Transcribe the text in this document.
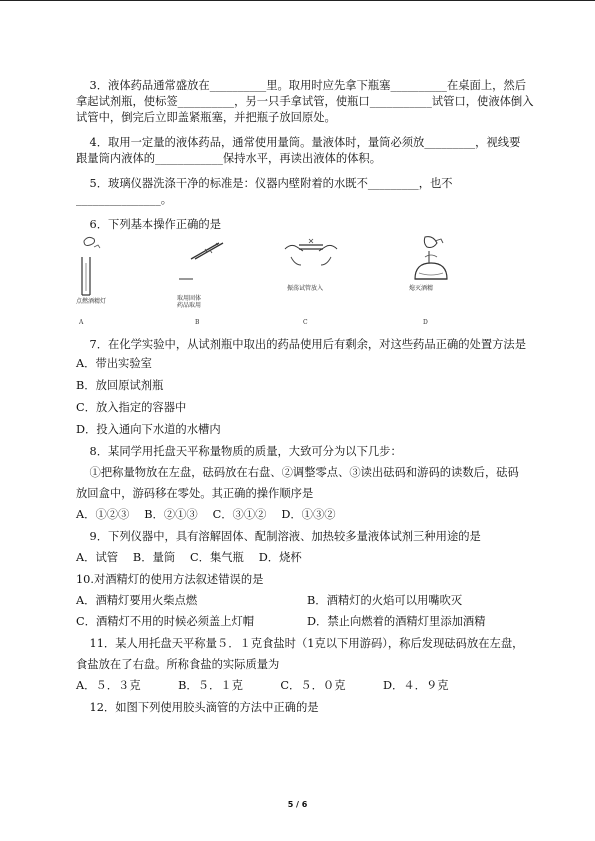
3．液体药品通常盛放在__________里。取用时应先拿下瓶塞__________在桌面上，然后

拿起试剂瓶，使标签__________，另一只手拿试管，使瓶口___________试管口，使液体倒入

试管中，倒完后立即盖紧瓶塞，并把瓶子放回原处。

4．取用一定量的液体药品，通常使用量筒。量液体时，量筒必须放_________，视线要

跟量筒内液体的____________保持水平，再读出液体的体积。

5．玻璃仪器洗涤干净的标准是：仪器内壁附着的水既不_________，也不

_______________。

6．下列基本操作正确的是

点燃酒精灯
A
取用固体
药品取用
B
振荡试管放入
C
熄灭酒精
D

7．在化学实验中，从试剂瓶中取出的药品使用后有剩余，对这些药品正确的处置方法是

A．带出实验室

B．放回原试剂瓶

C．放入指定的容器中

D．投入通向下水道的水槽内

8．某同学用托盘天平称量物质的质量，大致可分为以下几步：

①把称量物放在左盘，砝码放在右盘、②调整零点、③读出砝码和游码的读数后，砝码

放回盒中，游码移在零处。其正确的操作顺序是

A．①②③　 B．②①③　 C．③①②　 D．①③②

9．下列仪器中，具有溶解固体、配制溶液、加热较多量液体试剂三种用途的是

A．试管　 B．量筒　 C．集气瓶　 D．烧杯

10.对酒精灯的使用方法叙述错误的是

A．酒精灯要用火柴点燃	B．酒精灯的火焰可以用嘴吹灭
C．酒精灯不用的时候必须盖上灯帽	D．禁止向燃着的酒精灯里添加酒精

11．某人用托盘天平称量５．１克食盐时（1克以下用游码），称后发现砝码放在左盘，

食盐放在了右盘。所称食盐的实际质量为

A．５．３克　　　 B．５．１克　　　 C．５．０克　　　 D．４．９克

12．如图下列使用胶头滴管的方法中正确的是

5 / 6
